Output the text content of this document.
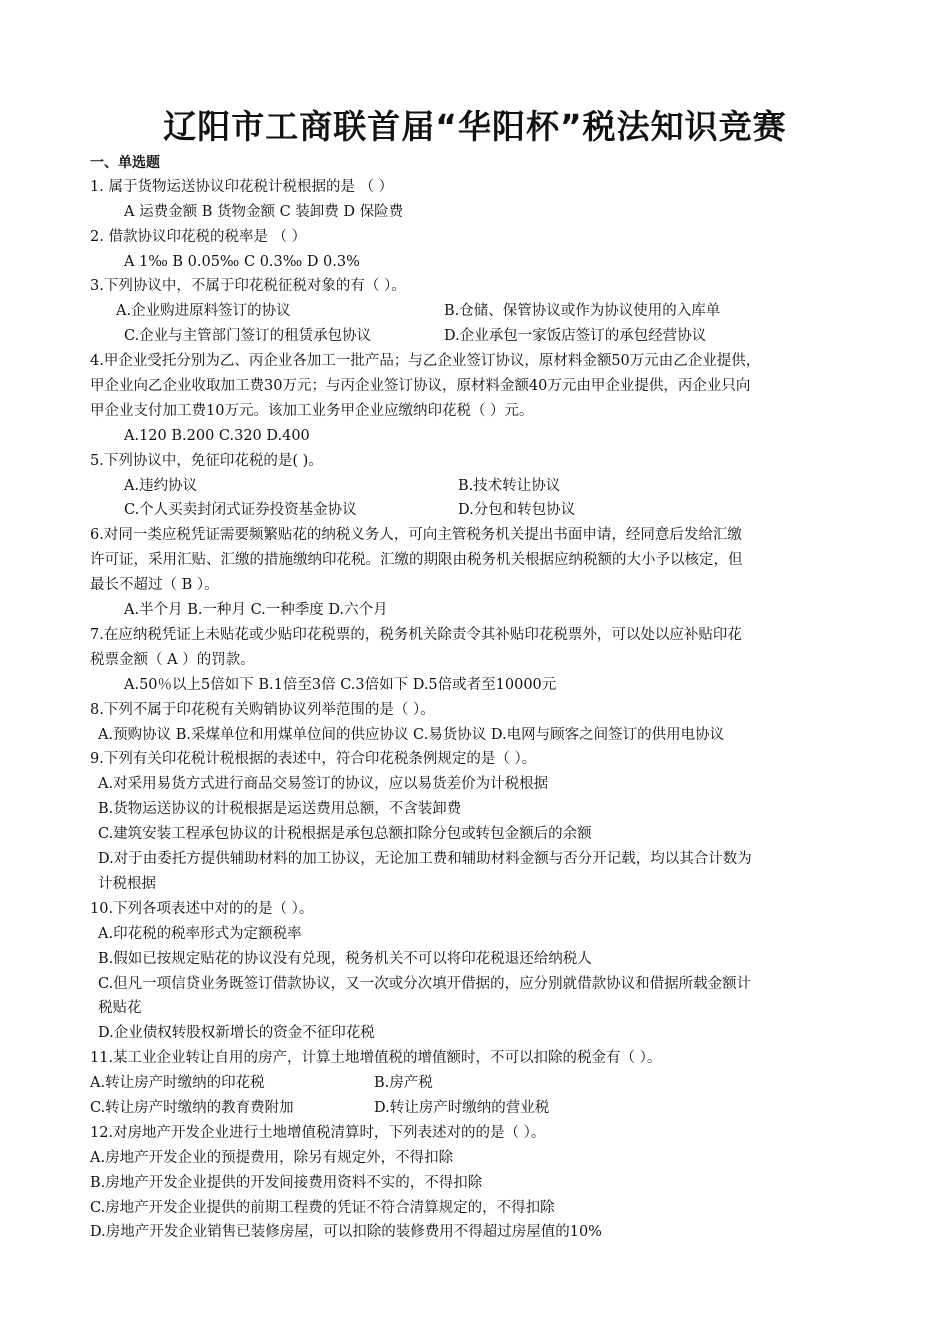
辽阳市工商联首届“华阳杯”税法知识竞赛
一、单选题
1. 属于货物运送协议印花税计税根据的是 （ ）
A 运费金额 B 货物金额 C 装卸费 D 保险费
2. 借款协议印花税的税率是 （ ）
A 1‰ B 0.05‰ C 0.3‰ D 0.3%
3.下列协议中，不属于印花税征税对象的有（ ）。
A.企业购进原料签订的协议	B.仓储、保管协议或作为协议使用的入库单
C.企业与主管部门签订的租赁承包协议	D.企业承包一家饭店签订的承包经营协议
4.甲企业受托分别为乙、丙企业各加工一批产品；与乙企业签订协议，原材料金额50万元由乙企业提供，
甲企业向乙企业收取加工费30万元；与丙企业签订协议，原材料金额40万元由甲企业提供，丙企业只向
甲企业支付加工费10万元。该加工业务甲企业应缴纳印花税（ ）元。
A.120 B.200 C.320 D.400
5.下列协议中，免征印花税的是( )。
A.违约协议	B.技术转让协议
C.个人买卖封闭式证券投资基金协议	D.分包和转包协议
6.对同一类应税凭证需要频繁贴花的纳税义务人，可向主管税务机关提出书面申请，经同意后发给汇缴
许可证，采用汇贴、汇缴的措施缴纳印花税。汇缴的期限由税务机关根据应纳税额的大小予以核定，但
最长不超过（ B ）。
A.半个月 B.一种月 C.一种季度 D.六个月
7.在应纳税凭证上未贴花或少贴印花税票的，税务机关除责令其补贴印花税票外，可以处以应补贴印花
税票金额（ A ）的罚款。
A.50％以上5倍如下 B.1倍至3倍 C.3倍如下 D.5倍或者至10000元
8.下列不属于印花税有关购销协议列举范围的是（ ）。
A.预购协议 B.采煤单位和用煤单位间的供应协议 C.易货协议 D.电网与顾客之间签订的供用电协议
9.下列有关印花税计税根据的表述中，符合印花税条例规定的是（ ）。
A.对采用易货方式进行商品交易签订的协议，应以易货差价为计税根据
B.货物运送协议的计税根据是运送费用总额，不含装卸费
C.建筑安装工程承包协议的计税根据是承包总额扣除分包或转包金额后的余额
D.对于由委托方提供辅助材料的加工协议，无论加工费和辅助材料金额与否分开记载，均以其合计数为
计税根据
10.下列各项表述中对的的是（ ）。
A.印花税的税率形式为定额税率
B.假如已按规定贴花的协议没有兑现，税务机关不可以将印花税退还给纳税人
C.但凡一项信贷业务既签订借款协议，又一次或分次填开借据的，应分别就借款协议和借据所载金额计
税贴花
D.企业债权转股权新增长的资金不征印花税
11.某工业企业转让自用的房产，计算土地增值税的增值额时，不可以扣除的税金有（ ）。
A.转让房产时缴纳的印花税	B.房产税
C.转让房产时缴纳的教育费附加	D.转让房产时缴纳的营业税
12.对房地产开发企业进行土地增值税清算时，下列表述对的的是（ ）。
A.房地产开发企业的预提费用，除另有规定外，不得扣除
B.房地产开发企业提供的开发间接费用资料不实的，不得扣除
C.房地产开发企业提供的前期工程费的凭证不符合清算规定的，不得扣除
D.房地产开发企业销售已装修房屋，可以扣除的装修费用不得超过房屋值的10%
